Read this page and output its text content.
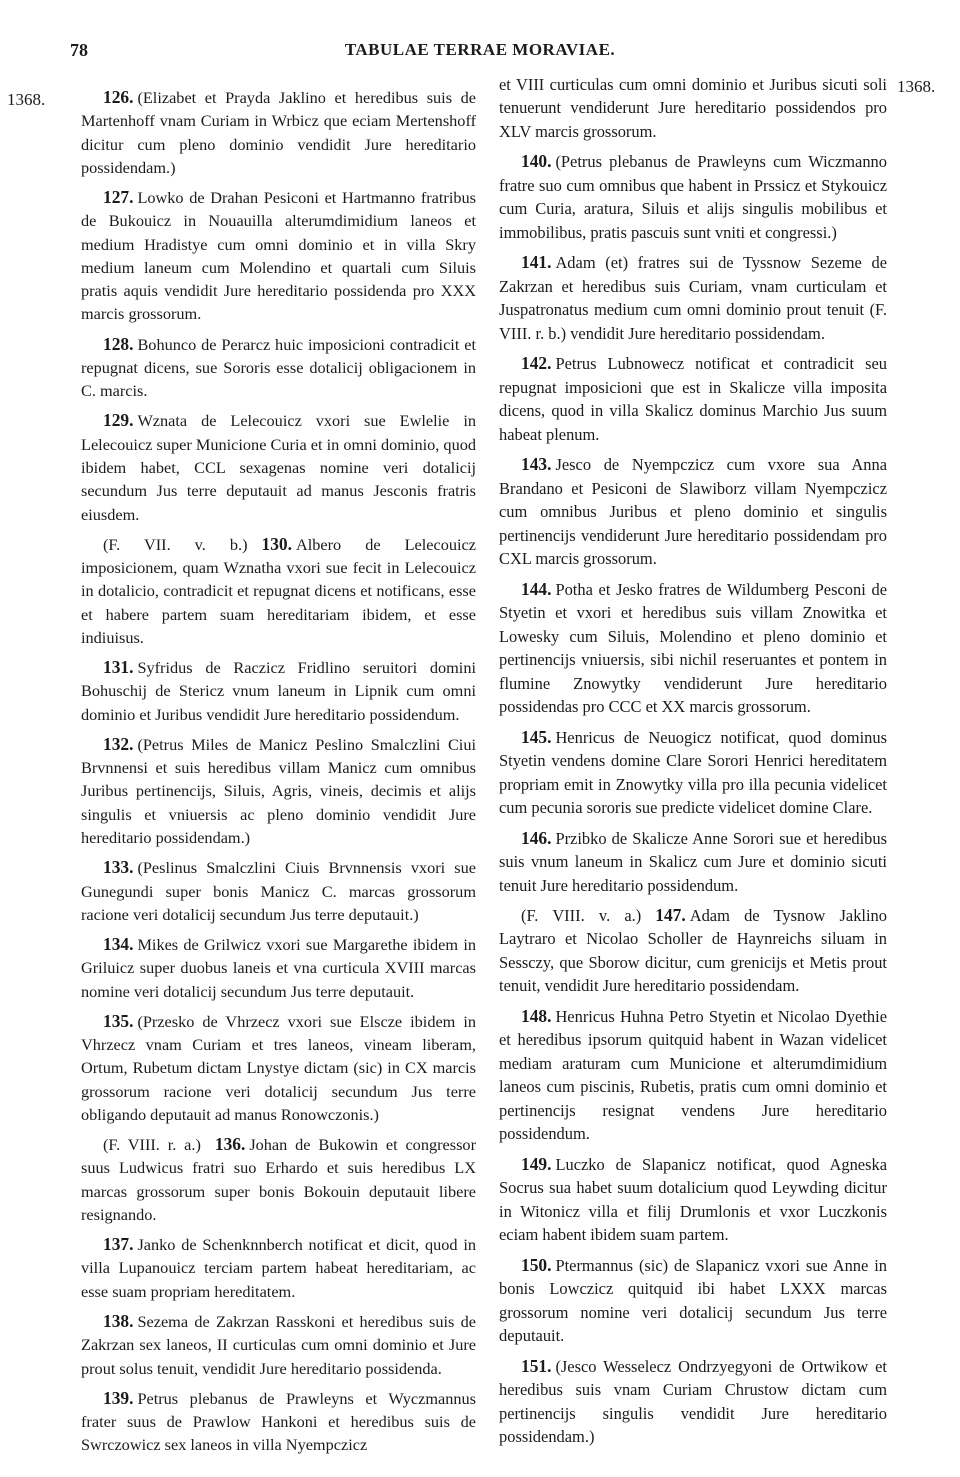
78	TABULAE TERRAE MORAVIAE.
1368.
1368.

126. (Elizabet et Prayda Jaklino et heredibus suis de Martenhoff vnam Curiam in Wrbicz que eciam Mertenshoff dicitur cum pleno dominio vendidit Jure hereditario possidendam.)

127. Lowko de Drahan Pesiconi et Hartmanno fratribus de Bukouicz in Nouauilla alterumdimidium laneos et medium Hradistye cum omni dominio et in villa Skry medium laneum cum Molendino et quartali cum Siluis pratis aquis vendidit Jure hereditario possidenda pro XXX marcis grossorum.

128. Bohunco de Perarcz huic imposicioni contradicit et repugnat dicens, sue Sororis esse dotalicij obligacionem in C. marcis.

129. Wznata de Lelecouicz vxori sue Ewlelie in Lelecouicz super Municione Curia et in omni dominio, quod ibidem habet, CCL sexagenas nomine veri dotalicij secundum Jus terre deputauit ad manus Jesconis fratris eiusdem.

(F. VII. v. b.) 130. Albero de Lelecouicz imposicionem, quam Wznatha vxori sue fecit in Lelecouicz in dotalicio, contradicit et repugnat dicens et notificans, esse et habere partem suam hereditariam ibidem, et esse indiuisus.

131. Syfridus de Raczicz Fridlino seruitori domini Bohuschij de Stericz vnum laneum in Lipnik cum omni dominio et Juribus vendidit Jure hereditario possidendum.

132. (Petrus Miles de Manicz Peslino Smalczlini Ciui Brvnnensi et suis heredibus villam Manicz cum omnibus Juribus pertinencijs, Siluis, Agris, vineis, decimis et alijs singulis et vniuersis ac pleno dominio vendidit Jure hereditario possidendam.)

133. (Peslinus Smalczlini Ciuis Brvnnensis vxori sue Gunegundi super bonis Manicz C. marcas grossorum racione veri dotalicij secundum Jus terre deputauit.)

134. Mikes de Grilwicz vxori sue Margarethe ibidem in Griluicz super duobus laneis et vna curticula XVIII marcas nomine veri dotalicij secundum Jus terre deputauit.

135. (Przesko de Vhrzecz vxori sue Elscze ibidem in Vhrzecz vnam Curiam et tres laneos, vineam liberam, Ortum, Rubetum dictam Lnystye dictam (sic) in CX marcis grossorum racione veri dotalicij secundum Jus terre obligando deputauit ad manus Ronowczonis.)

(F. VIII. r. a.) 136. Johan de Bukowin et congressor suus Ludwicus fratri suo Erhardo et suis heredibus LX marcas grossorum super bonis Bokouin deputauit libere resignando.

137. Janko de Schenknnberch notificat et dicit, quod in villa Lupanouicz terciam partem habeat hereditariam, ac esse suam propriam hereditatem.

138. Sezema de Zakrzan Rasskoni et heredibus suis de Zakrzan sex laneos, II curticulas cum omni dominio et Jure prout solus tenuit, vendidit Jure hereditario possidenda.

139. Petrus plebanus de Prawleyns et Wyczmannus frater suus de Prawlow Hankoni et heredibus suis de Swrczowicz sex laneos in villa Nyempczicz

et VIII curticulas cum omni dominio et Juribus sicuti soli tenuerunt vendiderunt Jure hereditario possidendos pro XLV marcis grossorum.

140. (Petrus plebanus de Prawleyns cum Wiczmanno fratre suo cum omnibus que habent in Prssicz et Stykouicz cum Curia, aratura, Siluis et alijs singulis mobilibus et immobilibus, pratis pascuis sunt vniti et congressi.)

141. Adam (et) fratres sui de Tyssnow Sezeme de Zakrzan et heredibus suis Curiam, vnam curticulam et Juspatronatus medium cum omni dominio prout tenuit (F. VIII. r. b.) vendidit Jure hereditario possidendam.

142. Petrus Lubnowecz notificat et contradicit seu repugnat imposicioni que est in Skalicze villa imposita dicens, quod in villa Skalicz dominus Marchio Jus suum habeat plenum.

143. Jesco de Nyempczicz cum vxore sua Anna Brandano et Pesiconi de Slawiborz villam Nyempczicz cum omnibus Juribus et pleno dominio et singulis pertinencijs vendiderunt Jure hereditario possidendam pro CXL marcis grossorum.

144. Potha et Jesko fratres de Wildumberg Pesconi de Styetin et vxori et heredibus suis villam Znowitka et Lowesky cum Siluis, Molendino et pleno dominio et pertinencijs vniuersis, sibi nichil reseruantes et pontem in flumine Znowytky vendiderunt Jure hereditario possidendas pro CCC et XX marcis grossorum.

145. Henricus de Neuogicz notificat, quod dominus Styetin vendens domine Clare Sorori Henrici hereditatem propriam emit in Znowytky villa pro illa pecunia videlicet cum pecunia sororis sue predicte videlicet domine Clare.

146. Przibko de Skalicze Anne Sorori sue et heredibus suis vnum laneum in Skalicz cum Jure et dominio sicuti tenuit Jure hereditario possidendum.

(F. VIII. v. a.) 147. Adam de Tysnow Jaklino Laytraro et Nicolao Scholler de Haynreichs siluam in Sessczy, que Sborow dicitur, cum grenicijs et Metis prout tenuit, vendidit Jure hereditario possidendam.

148. Henricus Huhna Petro Styetin et Nicolao Dyethie et heredibus ipsorum quitquid habent in Wazan videlicet mediam araturam cum Municione et alterumdimidium laneos cum piscinis, Rubetis, pratis cum omni dominio et pertinencijs resignat vendens Jure hereditario possidendum.

149. Luczko de Slapanicz notificat, quod Agneska Socrus sua habet suum dotalicium quod Leywding dicitur in Witonicz villa et filij Drumlonis et vxor Luczkonis eciam habent ibidem suam partem.

150. Ptermannus (sic) de Slapanicz vxori sue Anne in bonis Lowczicz quitquid ibi habet LXXX marcas grossorum nomine veri dotalicij secundum Jus terre deputauit.

151. (Jesco Wesselecz Ondrzyegyoni de Ortwikow et heredibus suis vnam Curiam Chrustow dictam cum pertinencijs singulis vendidit Jure hereditario possidendam.)
